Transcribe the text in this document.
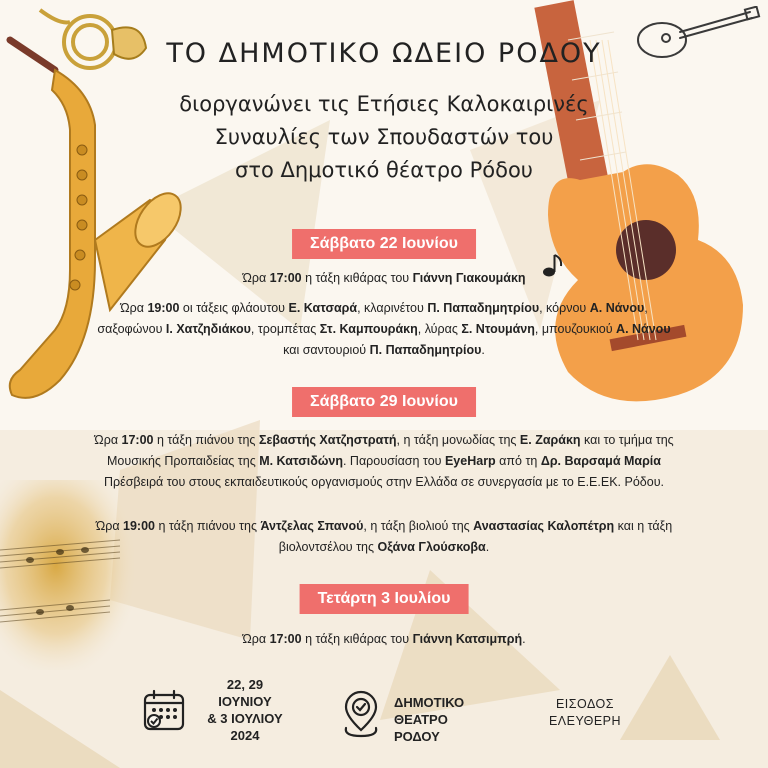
ΤΟ ΔΗΜΟΤΙΚΟ ΩΔΕΙΟ ΡΟΔΟΥ
διοργανώνει τις Ετήσιες Καλοκαιρινές
Συναυλίες των Σπουδαστών του
στο Δημοτικό θέατρο Ρόδου
Σάββατο 22 Ιουνίου
Ώρα 17:00 η τάξη κιθάρας του Γιάννη Γιακουμάκη
Ώρα 19:00 οι τάξεις φλάουτου Ε. Κατσαρά, κλαρινέτου Π. Παπαδημητρίου, κόρνου Α. Νάνου, σαξοφώνου Ι. Χατζηδιάκου, τρομπέτας Στ. Καμπουράκη, λύρας Σ. Ντουμάνη, μπουζουκιού Α. Νάνου και σαντουριού Π. Παπαδημητρίου.
Σάββατο 29 Ιουνίου
Ώρα 17:00 η τάξη πιάνου της Σεβαστής Χατζηστρατή, η τάξη μονωδίας της Ε. Ζαράκη και το τμήμα της Μουσικής Προπαιδείας της Μ. Κατσιδώνη. Παρουσίαση του EyeHarp από τη Δρ. Βαρσαμά Μαρία Πρέσβειρά του στους εκπαιδευτικούς οργανισμούς στην Ελλάδα σε συνεργασία με το Ε.Ε.ΕΚ. Ρόδου.
Ώρα 19:00 η τάξη πιάνου της Άντζελας Σπανού, η τάξη βιολιού της Αναστασίας Καλοπέτρη και η τάξη βιολοντσέλου της Οξάνα Γλούσκοβα.
Τετάρτη 3 Ιουλίου
Ώρα 17:00 η τάξη κιθάρας του Γιάννη Κατσιμπρή.
22, 29
ΙΟΥΝΙΟΥ
& 3 ΙΟΥΛΙΟΥ
2024
ΔΗΜΟΤΙΚΟ
ΘΕΑΤΡΟ
ΡΟΔΟΥ
ΕΙΣΟΔΟΣ
ΕΛΕΥΘΕΡΗ
